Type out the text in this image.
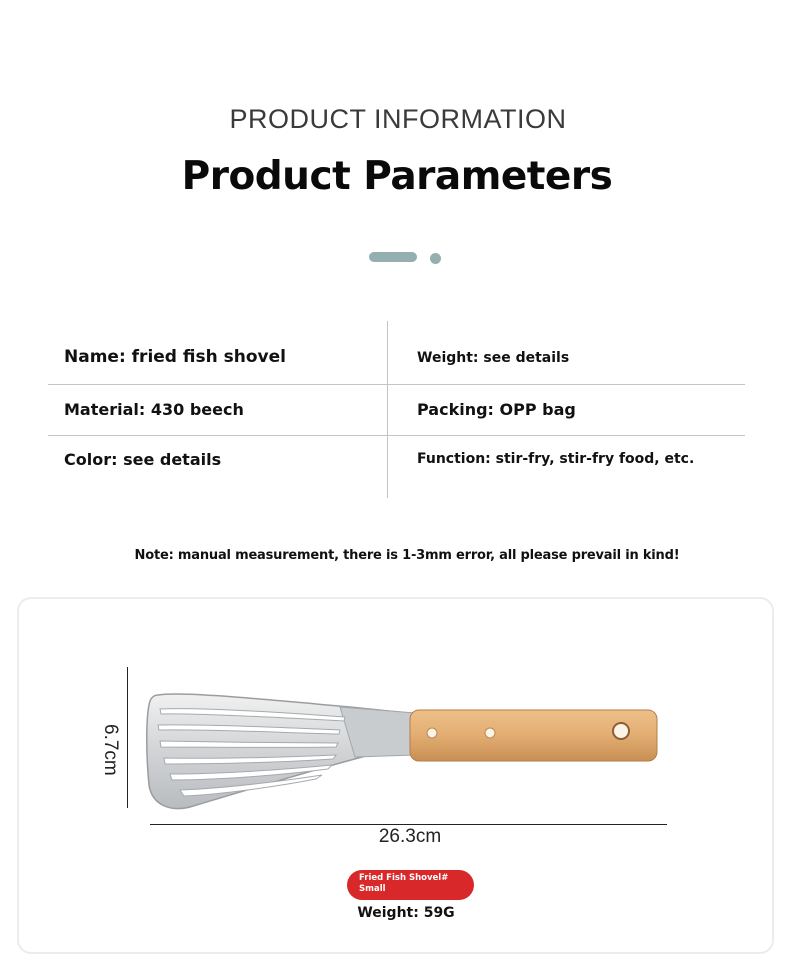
PRODUCT INFORMATION
Product Parameters
Name: fried fish shovel	Weight: see details
Material: 430 beech	Packing: OPP bag
Color: see details	Function: stir-fry, stir-fry food, etc.
Note: manual measurement, there is 1-3mm error, all please prevail in kind!
6.7cm
26.3cm
Fried Fish Shovel#
Small
Weight: 59G
